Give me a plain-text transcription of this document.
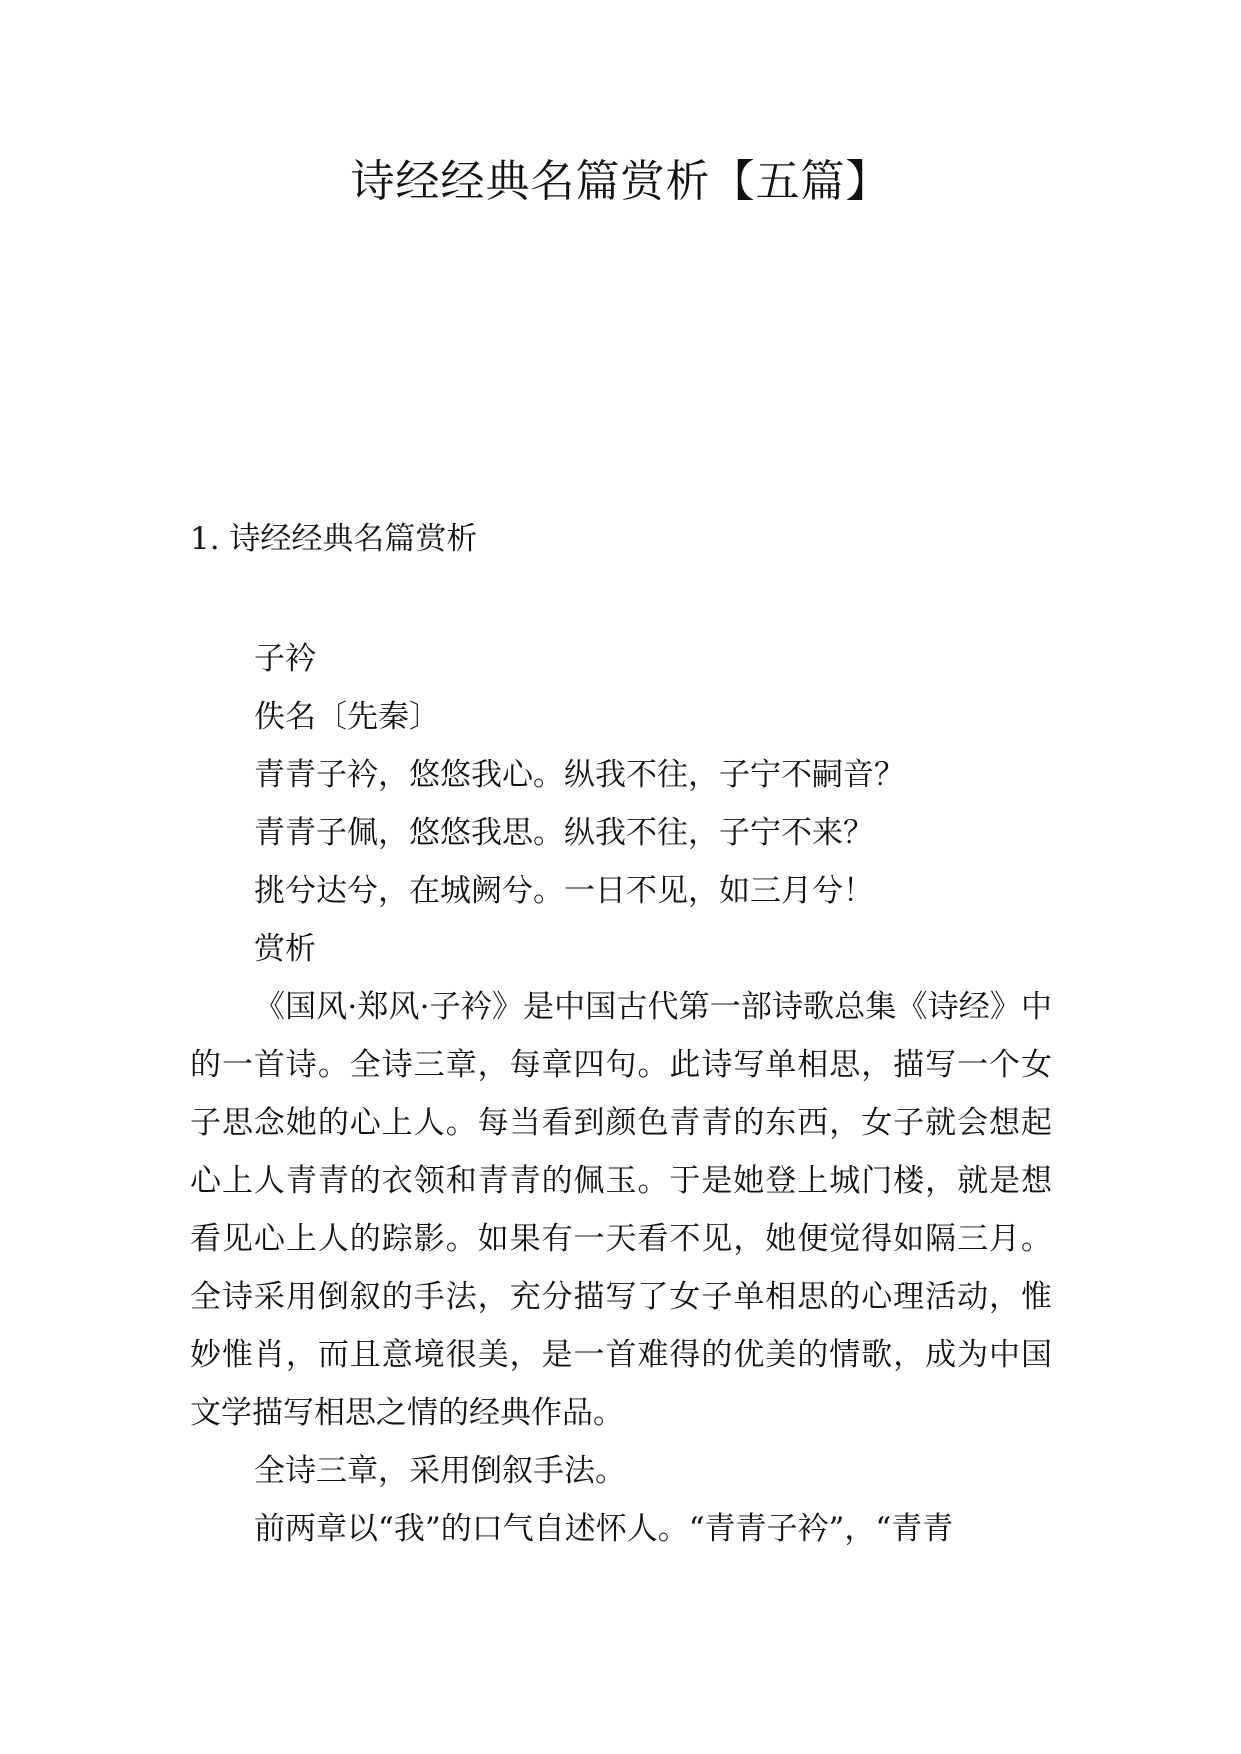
诗经经典名篇赏析【五篇】
1. 诗经经典名篇赏析

子衿

佚名〔先秦〕

青青子衿，悠悠我心。纵我不往，子宁不嗣音？

青青子佩，悠悠我思。纵我不往，子宁不来？

挑兮达兮，在城阙兮。一日不见，如三月兮！

赏析

《国风·郑风·子衿》是中国古代第一部诗歌总集《诗经》中的一首诗。全诗三章，每章四句。此诗写单相思，描写一个女子思念她的心上人。每当看到颜色青青的东西，女子就会想起心上人青青的衣领和青青的佩玉。于是她登上城门楼，就是想看见心上人的踪影。如果有一天看不见，她便觉得如隔三月。全诗采用倒叙的手法，充分描写了女子单相思的心理活动，惟妙惟肖，而且意境很美，是一首难得的优美的情歌，成为中国文学描写相思之情的经典作品。

全诗三章，采用倒叙手法。

前两章以“我”的口气自述怀人。“青青子衿”，“青青
